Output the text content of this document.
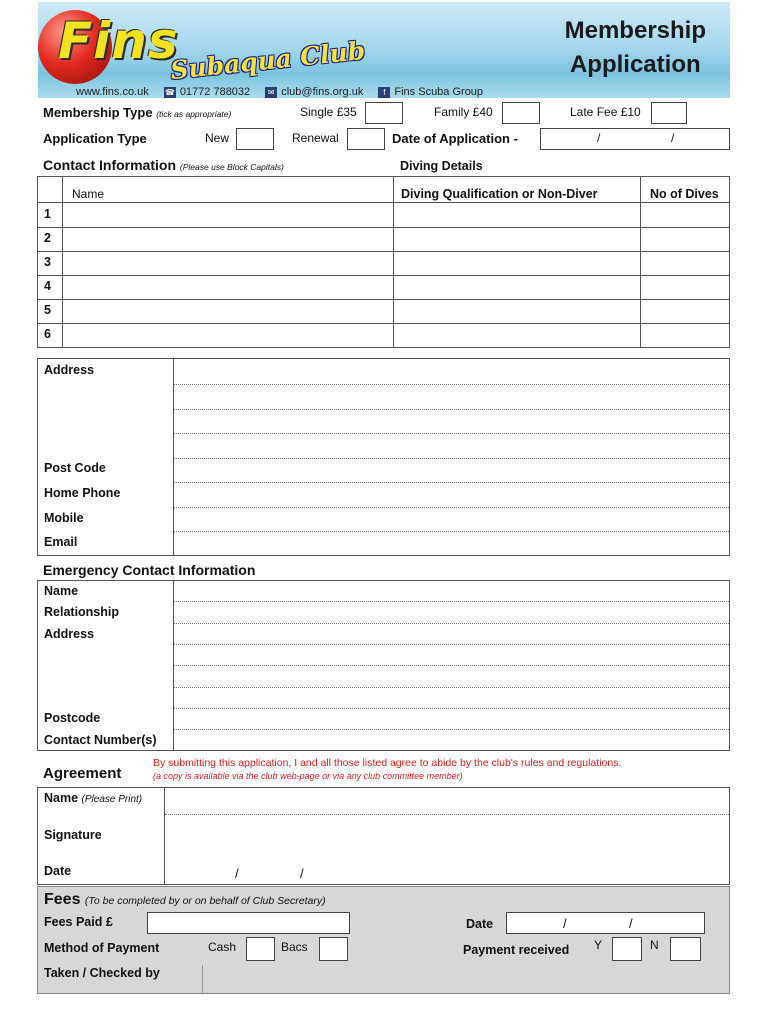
Fins
Subaqua Club
Membership
Application
www.fins.co.uk ☎ 01772 788032 ✉ club@fins.org.uk f Fins Scuba Group
Membership Type (tick as appropriate)	Single £35	Family £40	Late Fee £10
Application Type	New	Renewal	Date of Application -	/	/
Contact Information (Please use Block Capitals)	Diving Details
Name	Diving Qualification or Non-Diver	No of Dives
1
2
3
4
5
6
Address
Post Code
Home Phone
Mobile
Email
Emergency Contact Information
Name
Relationship
Address
Postcode
Contact Number(s)
Agreement
By submitting this application, I and all those listed agree to abide by the club's rules and regulations.
(a copy is available via the club web-page or via any club committee member)
Name (Please Print)
Signature
Date	/	/
Fees (To be completed by or on behalf of Club Secretary)
Fees Paid £	Date	/	/
Method of Payment	Cash	Bacs	Payment received Y	N
Taken / Checked by
